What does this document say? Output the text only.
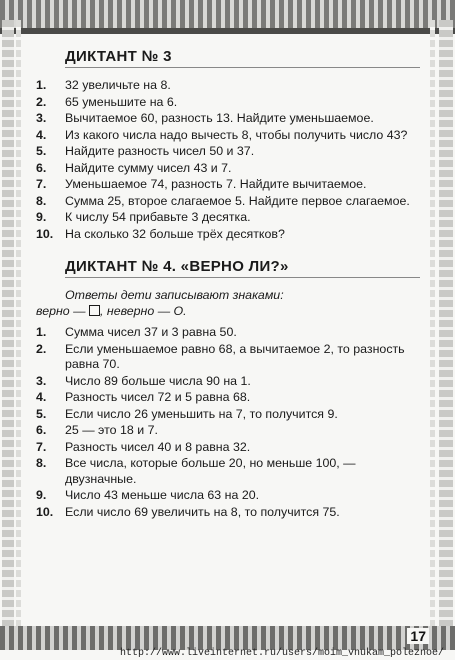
ДИКТАНТ № 3
1.	32 увеличьте на 8.
2.	65 уменьшите на 6.
3.	Вычитаемое 60, разность 13. Найдите уменьшаемое.
4.	Из какого числа надо вычесть 8, чтобы получить число 43?
5.	Найдите разность чисел 50 и 37.
6.	Найдите сумму чисел 43 и 7.
7.	Уменьшаемое 74, разность 7. Найдите вычитаемое.
8.	Сумма 25, второе слагаемое 5. Найдите первое слагаемое.
9.	К числу 54 прибавьте 3 десятка.
10. На сколько 32 больше трёх десятков?
ДИКТАНТ № 4. «ВЕРНО ЛИ?»
Ответы дети записывают знаками:
верно — , неверно — О.
1.	Сумма чисел 37 и 3 равна 50.
2.	Если уменьшаемое равно 68, а вычитаемое 2, то разность равна 70.
3.	Число 89 больше числа 90 на 1.
4.	Разность чисел 72 и 5 равна 68.
5.	Если число 26 уменьшить на 7, то получится 9.
6.	25 — это 18 и 7.
7.	Разность чисел 40 и 8 равна 32.
8.	Все числа, которые больше 20, но меньше 100, — двузначные.
9.	Число 43 меньше числа 63 на 20.
10. Если число 69 увеличить на 8, то получится 75.
17
http://www.liveinternet.ru/users/moim_vnukam_poleznoe/
